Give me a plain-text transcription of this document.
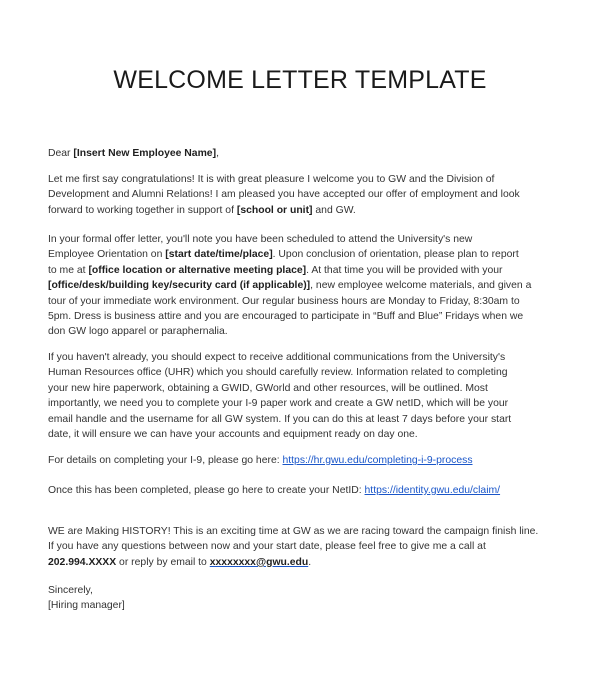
WELCOME LETTER TEMPLATE
Dear [Insert New Employee Name],

Let me first say congratulations! It is with great pleasure I welcome you to GW and the Division of

Development and Alumni Relations! I am pleased you have accepted our offer of employment and look

forward to working together in support of [school or unit] and GW.

In your formal offer letter, you'll note you have been scheduled to attend the University's new

Employee Orientation on [start date/time/place]. Upon conclusion of orientation, please plan to report

to me at [office location or alternative meeting place]. At that time you will be provided with your

[office/desk/building key/security card (if applicable)], new employee welcome materials, and given a

tour of your immediate work environment. Our regular business hours are Monday to Friday, 8:30am to

5pm. Dress is business attire and you are encouraged to participate in “Buff and Blue” Fridays when we

don GW logo apparel or paraphernalia.

If you haven't already, you should expect to receive additional communications from the University's

Human Resources office (UHR) which you should carefully review. Information related to completing

your new hire paperwork, obtaining a GWID, GWorld and other resources, will be outlined. Most

importantly, we need you to complete your I-9 paper work and create a GW netID, which will be your

email handle and the username for all GW system. If you can do this at least 7 days before your start

date, it will ensure we can have your accounts and equipment ready on day one.

For details on completing your I-9, please go here: https://hr.gwu.edu/completing-i-9-process
Once this has been completed, please go here to create your NetID: https://identity.gwu.edu/claim/

WE are Making HISTORY! This is an exciting time at GW as we are racing toward the campaign finish line.

If you have any questions between now and your start date, please feel free to give me a call at

202.994.XXXX or reply by email to xxxxxxxx@gwu.edu.

Sincerely,

[Hiring manager]
